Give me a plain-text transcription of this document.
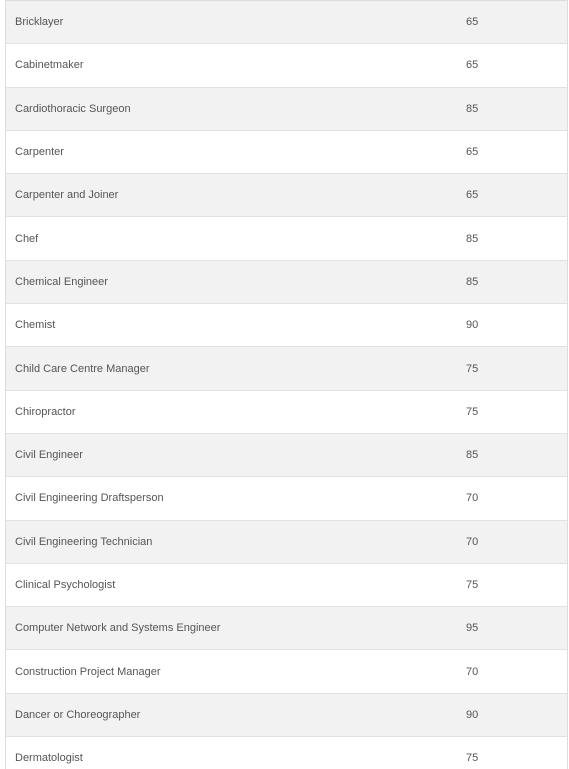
Bricklayer	65
Cabinetmaker	65
Cardiothoracic Surgeon	85
Carpenter	65
Carpenter and Joiner	65
Chef	85
Chemical Engineer	85
Chemist	90
Child Care Centre Manager	75
Chiropractor	75
Civil Engineer	85
Civil Engineering Draftsperson	70
Civil Engineering Technician	70
Clinical Psychologist	75
Computer Network and Systems Engineer	95
Construction Project Manager	70
Dancer or Choreographer	90
Dermatologist	75
